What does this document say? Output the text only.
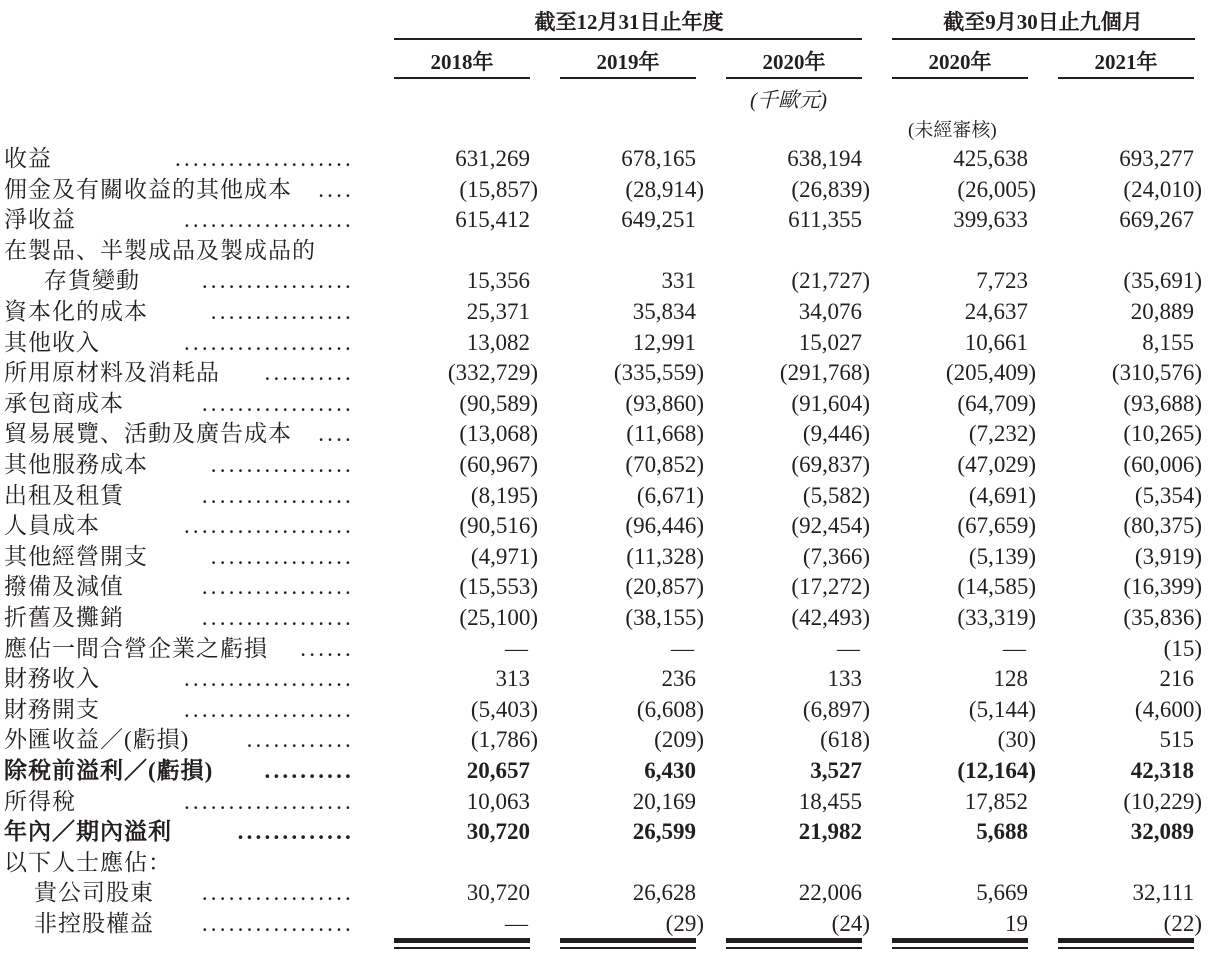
截至12月31日止年度	截至9月30日止九個月
2018年	2019年	2020年	2020年	2021年
(千歐元)
(未經審核)
收益	....................	631,269	678,165	638,194	425,638	693,277
佣金及有關收益的其他成本 ....	(15,857)	(28,914)	(26,839)	(26,005)	(24,010)
淨收益	...................	615,412	649,251	611,355	399,633	669,267
在製品、半製成品及製成品的
存貨變動	.................	15,356	331	(21,727)	7,723	(35,691)
資本化的成本	................	25,371	35,834	34,076	24,637	20,889
其他收入	...................	13,082	12,991	15,027	10,661	8,155
所用原材料及消耗品 ..........	(332,729)	(335,559)	(291,768)	(205,409)	(310,576)
承包商成本	.................	(90,589)	(93,860)	(91,604)	(64,709)	(93,688)
貿易展覽、活動及廣告成本 ....	(13,068)	(11,668)	(9,446)	(7,232)	(10,265)
其他服務成本	................	(60,967)	(70,852)	(69,837)	(47,029)	(60,006)
出租及租賃	.................	(8,195)	(6,671)	(5,582)	(4,691)	(5,354)
人員成本	...................	(90,516)	(96,446)	(92,454)	(67,659)	(80,375)
其他經營開支	................	(4,971)	(11,328)	(7,366)	(5,139)	(3,919)
撥備及減值	.................	(15,553)	(20,857)	(17,272)	(14,585)	(16,399)
折舊及攤銷	.................	(25,100)	(38,155)	(42,493)	(33,319)	(35,836)
應佔一間合營企業之虧損 ......	—	—	—	—	(15)
財務收入	...................	313	236	133	128	216
財務開支	...................	(5,403)	(6,608)	(6,897)	(5,144)	(4,600)
外匯收益／(虧損) ............	(1,786)	(209)	(618)	(30)	515
除稅前溢利／(虧損) ..........	20,657	6,430	3,527	(12,164)	42,318
所得稅	...................	10,063	20,169	18,455	17,852	(10,229)
年內／期內溢利	.............	30,720	26,599	21,982	5,688	32,089
以下人士應佔：
貴公司股東 .................	30,720	26,628	22,006	5,669	32,111
非控股權益 .................	—	(29)	(24)	19	(22)
